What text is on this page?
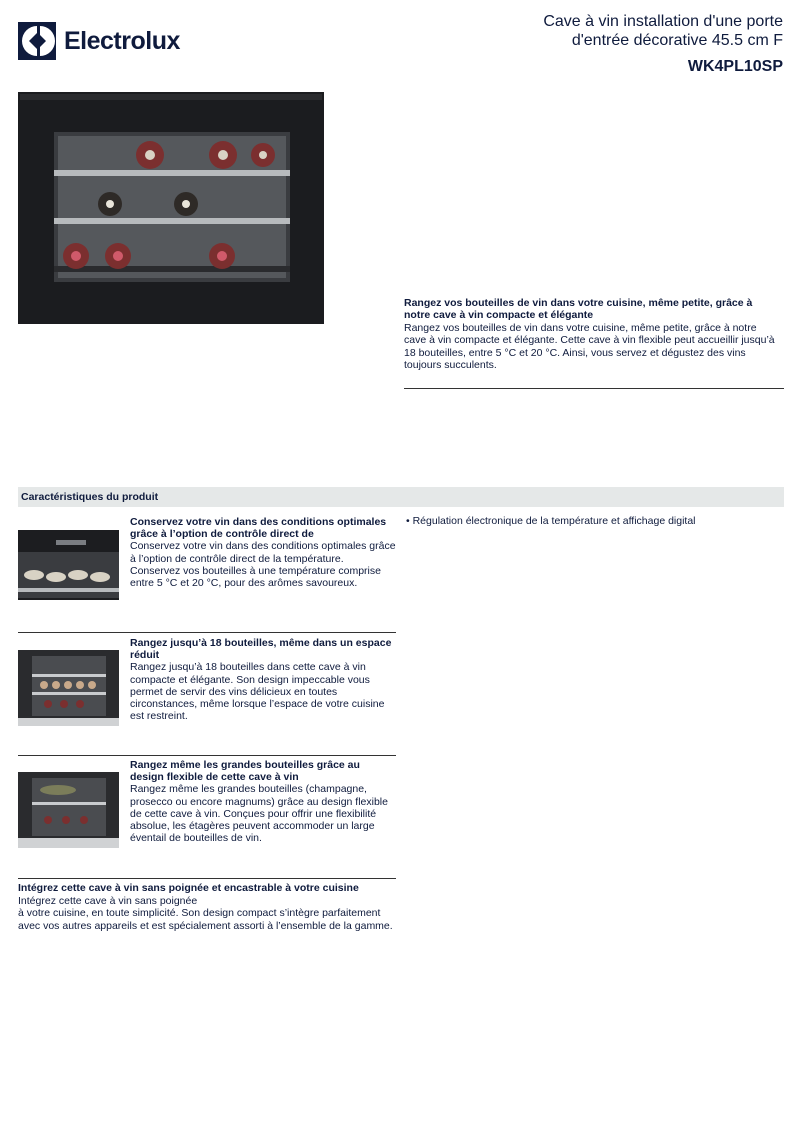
Electrolux
Cave à vin installation d'une porte
d'entrée décorative 45.5 cm F
WK4PL10SP
Rangez vos bouteilles de vin dans votre cuisine, même petite, grâce à notre cave à vin compacte et élégante
Rangez vos bouteilles de vin dans votre cuisine, même petite, grâce à notre cave à vin compacte et élégante. Cette cave à vin flexible peut accueillir jusqu’à 18 bouteilles, entre 5 °C et 20 °C. Ainsi, vous servez et dégustez des vins toujours succulents.
Caractéristiques du produit
Conservez votre vin dans des conditions optimales grâce à l’option de contrôle direct de
Conservez votre vin dans des conditions optimales grâce à l’option de contrôle direct de la température. Conservez vos bouteilles à une température comprise entre 5 °C et 20 °C, pour des arômes savoureux.
Rangez jusqu’à 18 bouteilles, même dans un espace réduit
Rangez jusqu’à 18 bouteilles dans cette cave à vin compacte et élégante. Son design impeccable vous permet de servir des vins délicieux en toutes circonstances, même lorsque l’espace de votre cuisine est restreint.
Rangez même les grandes bouteilles grâce au design flexible de cette cave à vin
Rangez même les grandes bouteilles (champagne, prosecco ou encore magnums) grâce au design flexible de cette cave à vin. Conçues pour offrir une flexibilité absolue, les étagères peuvent accommoder un large éventail de bouteilles de vin.
Intégrez cette cave à vin sans poignée et encastrable à votre cuisine
Intégrez cette cave à vin sans poignée
à votre cuisine, en toute simplicité. Son design compact s’intègre parfaitement avec vos autres appareils et est spécialement assorti à l’ensemble de la gamme.
• Régulation électronique de la température et affichage digital
